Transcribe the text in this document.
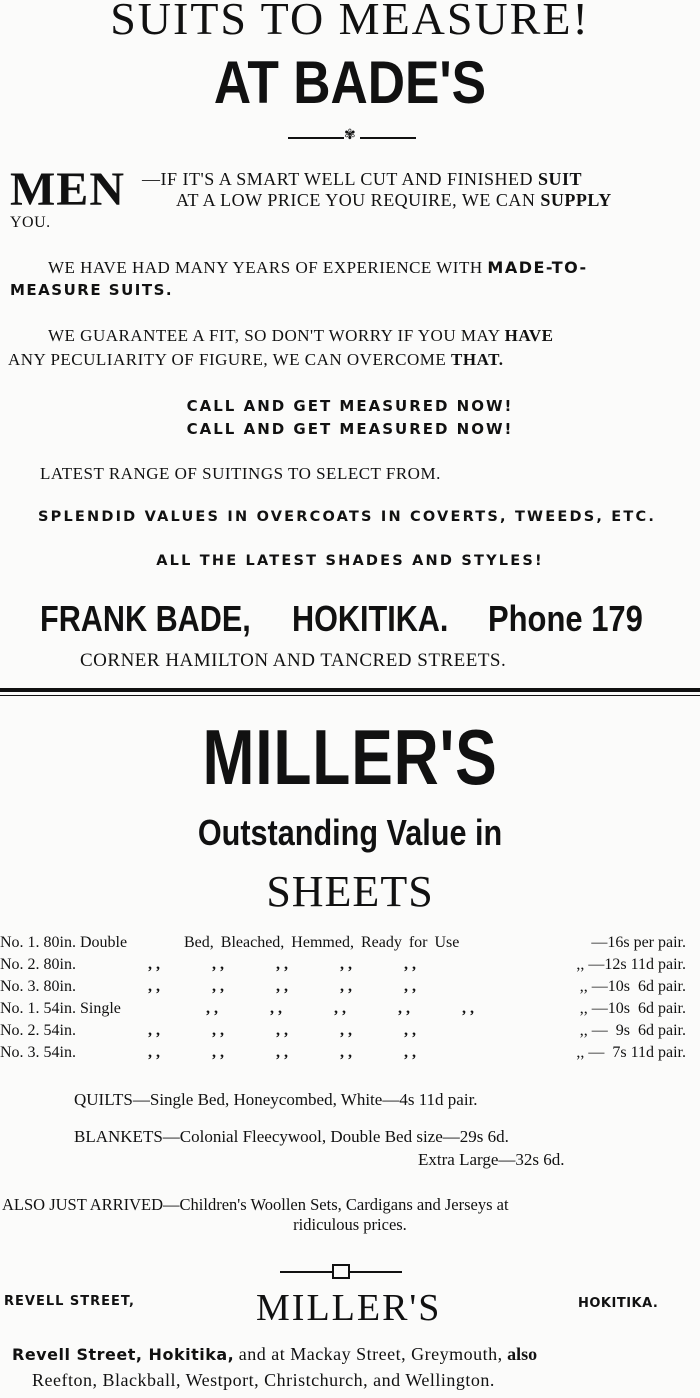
SUITS TO MEASURE!
AT BADE'S
✾
MEN —IF IT'S A SMART WELL CUT AND FINISHED SUIT
AT A LOW PRICE YOU REQUIRE, WE CAN SUPPLY
YOU.
WE HAVE HAD MANY YEARS OF EXPERIENCE WITH MADE-TO-
MEASURE SUITS.
WE GUARANTEE A FIT, SO DON'T WORRY IF YOU MAY HAVE
ANY PECULIARITY OF FIGURE, WE CAN OVERCOME THAT.
CALL AND GET MEASURED NOW!
CALL AND GET MEASURED NOW!
LATEST RANGE OF SUITINGS TO SELECT FROM.
SPLENDID VALUES IN OVERCOATS IN COVERTS, TWEEDS, ETC.
ALL THE LATEST SHADES AND STYLES!
FRANK BADE, HOKITIKA. Phone 179
CORNER HAMILTON AND TANCRED STREETS.
MILLER'S
Outstanding Value in
SHEETS
No. 1. 80in. Double	Bed, Bleached, Hemmed, Ready for Use	—16s per pair.
No. 2. 80in.	,,      ,,      ,,      ,,      ,,	,, —12s 11d pair.
No. 3. 80in.	,,      ,,      ,,      ,,      ,,	,, —10s  6d pair.
No. 1. 54in. Single	,,      ,,      ,,      ,,      ,,	,, —10s  6d pair.
No. 2. 54in.	,,      ,,      ,,      ,,      ,,	,, —  9s  6d pair.
No. 3. 54in.	,,      ,,      ,,      ,,      ,,	,, —  7s 11d pair.
QUILTS—Single Bed, Honeycombed, White—4s 11d pair.
BLANKETS—Colonial Fleecywool, Double Bed size—29s 6d.
Extra Large—32s 6d.
ALSO JUST ARRIVED—Children's Woollen Sets, Cardigans and Jerseys at
ridiculous prices.
REVELL STREET,	MILLER'S	HOKITIKA.
Revell Street, Hokitika, and at Mackay Street, Greymouth, also
Reefton, Blackball, Westport, Christchurch, and Wellington.
